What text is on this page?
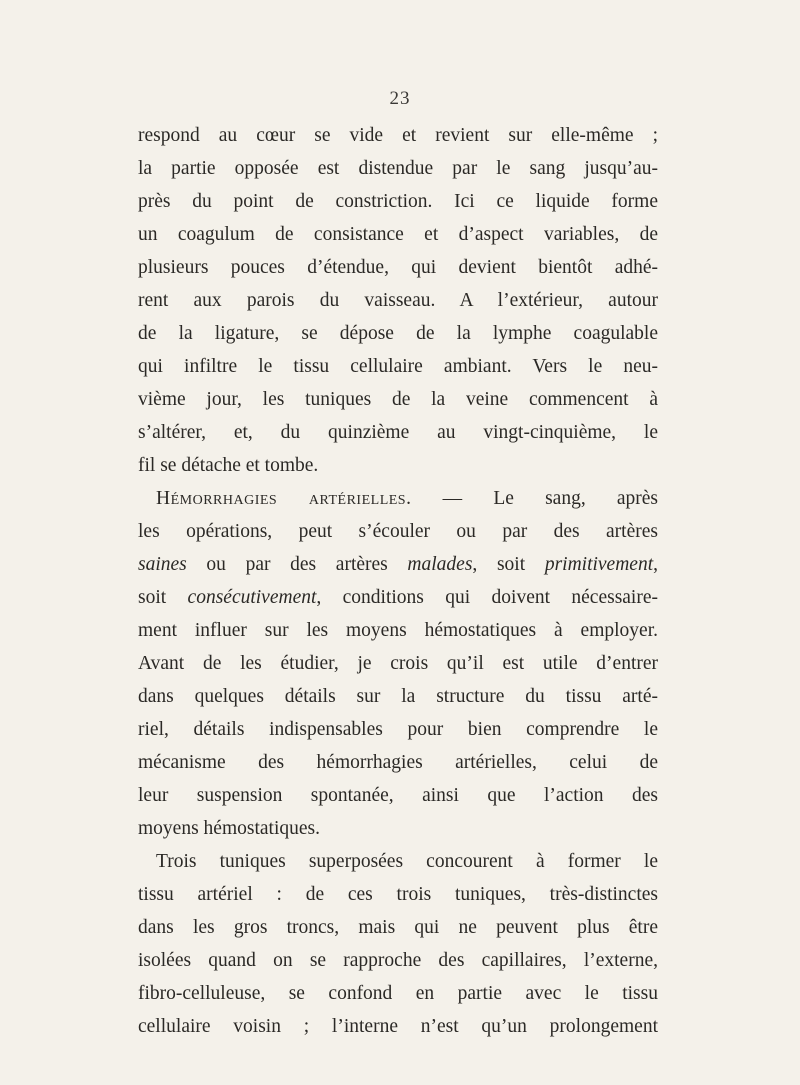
23
respond au cœur se vide et revient sur elle-même ;
la partie opposée est distendue par le sang jusqu’au-
près du point de constriction. Ici ce liquide forme
un coagulum de consistance et d’aspect variables, de
plusieurs pouces d’étendue, qui devient bientôt adhé-
rent aux parois du vaisseau. A l’extérieur, autour
de la ligature, se dépose de la lymphe coagulable
qui infiltre le tissu cellulaire ambiant. Vers le neu-
vième jour, les tuniques de la veine commencent à
s’altérer, et, du quinzième au vingt-cinquième, le
fil se détache et tombe.
Hémorrhagies artérielles. — Le sang, après
les opérations, peut s’écouler ou par des artères
saines ou par des artères malades, soit primitivement,
soit consécutivement, conditions qui doivent nécessaire-
ment influer sur les moyens hémostatiques à employer.
Avant de les étudier, je crois qu’il est utile d’entrer
dans quelques détails sur la structure du tissu arté-
riel, détails indispensables pour bien comprendre le
mécanisme des hémorrhagies artérielles, celui de
leur suspension spontanée, ainsi que l’action des
moyens hémostatiques.
Trois tuniques superposées concourent à former le
tissu artériel : de ces trois tuniques, très-distinctes
dans les gros troncs, mais qui ne peuvent plus être
isolées quand on se rapproche des capillaires, l’externe,
fibro-celluleuse, se confond en partie avec le tissu
cellulaire voisin ; l’interne n’est qu’un prolongement
